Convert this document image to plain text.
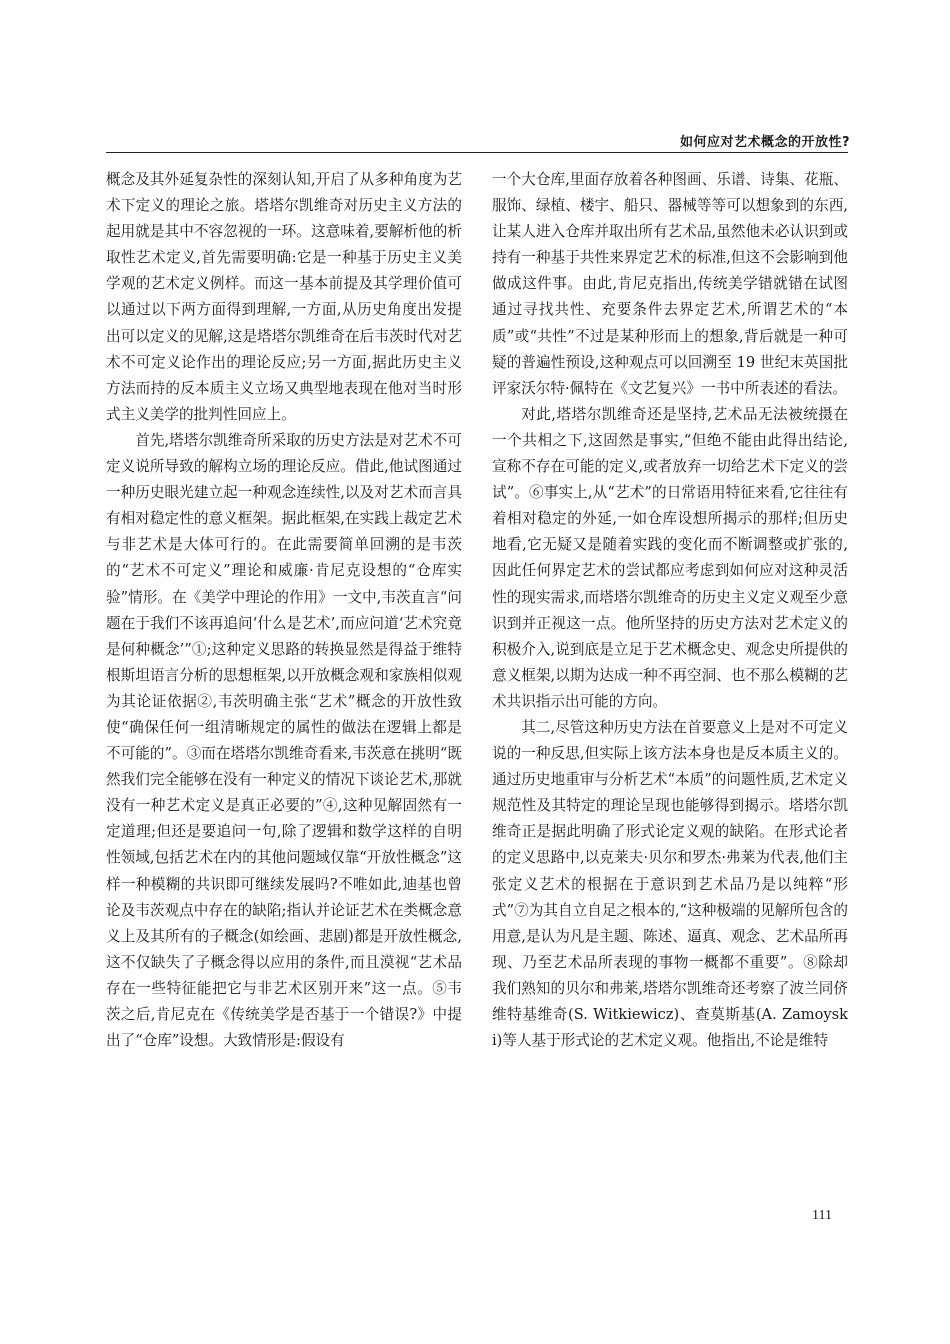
如何应对艺术概念的开放性?

概念及其外延复杂性的深刻认知,开启了从多种角度为艺术下定义的理论之旅。塔塔尔凯维奇对历史主义方法的起用就是其中不容忽视的一环。这意味着,要解析他的析取性艺术定义,首先需要明确:它是一种基于历史主义美学观的艺术定义例样。而这一基本前提及其学理价值可以通过以下两方面得到理解,一方面,从历史角度出发提出可以定义的见解,这是塔塔尔凯维奇在后韦茨时代对艺术不可定义论作出的理论反应;另一方面,据此历史主义方法而持的反本质主义立场又典型地表现在他对当时形式主义美学的批判性回应上。

首先,塔塔尔凯维奇所采取的历史方法是对艺术不可定义说所导致的解构立场的理论反应。借此,他试图通过一种历史眼光建立起一种观念连续性,以及对艺术而言具有相对稳定性的意义框架。据此框架,在实践上裁定艺术与非艺术是大体可行的。在此需要简单回溯的是韦茨的“艺术不可定义”理论和威廉·肯尼克设想的“仓库实验”情形。在《美学中理论的作用》一文中,韦茨直言“问题在于我们不该再追问‘什么是艺术’,而应问道‘艺术究竟是何种概念’”①;这种定义思路的转换显然是得益于维特根斯坦语言分析的思想框架,以开放概念观和家族相似观为其论证依据②,韦茨明确主张“艺术”概念的开放性致使“确保任何一组清晰规定的属性的做法在逻辑上都是不可能的”。③而在塔塔尔凯维奇看来,韦茨意在挑明“既然我们完全能够在没有一种定义的情况下谈论艺术,那就没有一种艺术定义是真正必要的”④,这种见解固然有一定道理;但还是要追问一句,除了逻辑和数学这样的自明性领域,包括艺术在内的其他问题域仅靠“开放性概念”这样一种模糊的共识即可继续发展吗?不唯如此,迪基也曾论及韦茨观点中存在的缺陷;指认并论证艺术在类概念意义上及其所有的子概念(如绘画、悲剧)都是开放性概念,这不仅缺失了子概念得以应用的条件,而且漠视“艺术品存在一些特征能把它与非艺术区别开来”这一点。⑤韦茨之后,肯尼克在《传统美学是否基于一个错误?》中提出了“仓库”设想。大致情形是:假设有

一个大仓库,里面存放着各种图画、乐谱、诗集、花瓶、服饰、绿植、楼宇、船只、器械等等可以想象到的东西,让某人进入仓库并取出所有艺术品,虽然他未必认识到或持有一种基于共性来界定艺术的标准,但这不会影响到他做成这件事。由此,肯尼克指出,传统美学错就错在试图通过寻找共性、充要条件去界定艺术,所谓艺术的“本质”或“共性”不过是某种形而上的想象,背后就是一种可疑的普遍性预设,这种观点可以回溯至 19 世纪末英国批评家沃尔特·佩特在《文艺复兴》一书中所表述的看法。

对此,塔塔尔凯维奇还是坚持,艺术品无法被统摄在一个共相之下,这固然是事实,“但绝不能由此得出结论,宣称不存在可能的定义,或者放弃一切给艺术下定义的尝试”。⑥事实上,从“艺术”的日常语用特征来看,它往往有着相对稳定的外延,一如仓库设想所揭示的那样;但历史地看,它无疑又是随着实践的变化而不断调整或扩张的,因此任何界定艺术的尝试都应考虑到如何应对这种灵活性的现实需求,而塔塔尔凯维奇的历史主义定义观至少意识到并正视这一点。他所坚持的历史方法对艺术定义的积极介入,说到底是立足于艺术概念史、观念史所提供的意义框架,以期为达成一种不再空洞、也不那么模糊的艺术共识指示出可能的方向。

其二,尽管这种历史方法在首要意义上是对不可定义说的一种反思,但实际上该方法本身也是反本质主义的。通过历史地重审与分析艺术“本质”的问题性质,艺术定义规范性及其特定的理论呈现也能够得到揭示。塔塔尔凯维奇正是据此明确了形式论定义观的缺陷。在形式论者的定义思路中,以克莱夫·贝尔和罗杰·弗莱为代表,他们主张定义艺术的根据在于意识到艺术品乃是以纯粹“形式”⑦为其自立自足之根本的,“这种极端的见解所包含的用意,是认为凡是主题、陈述、逼真、观念、艺术品所再现、乃至艺术品所表现的事物一概都不重要”。⑧除却我们熟知的贝尔和弗莱,塔塔尔凯维奇还考察了波兰同侪维特基维奇(S. Witkiewicz)、查莫斯基(A. Zamoyski)等人基于形式论的艺术定义观。他指出,不论是维特

111
